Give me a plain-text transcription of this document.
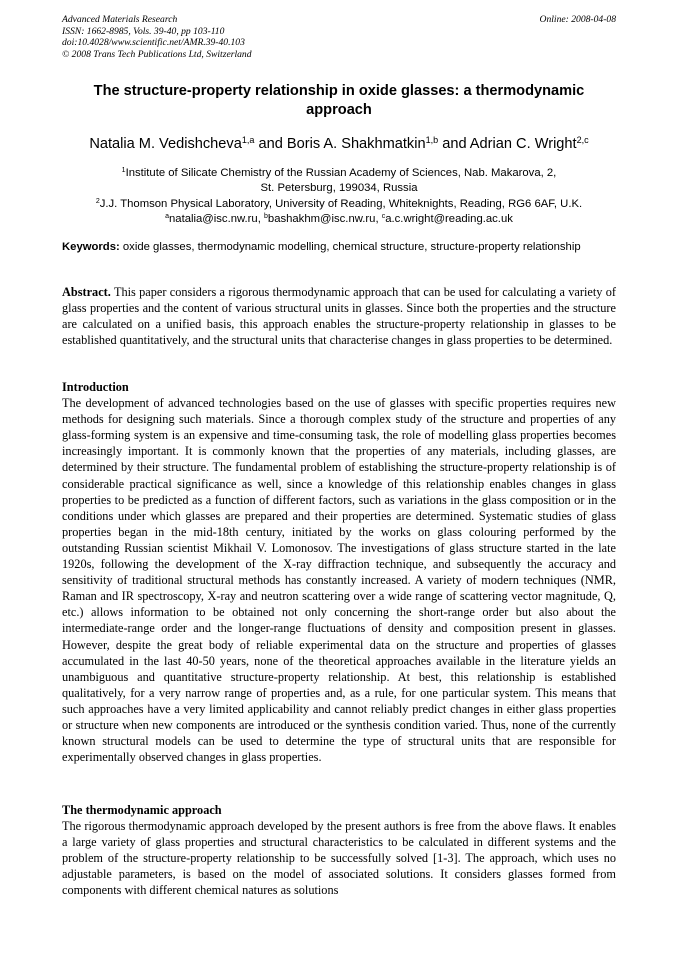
Advanced Materials Research
ISSN: 1662-8985, Vols. 39-40, pp 103-110
doi:10.4028/www.scientific.net/AMR.39-40.103
© 2008 Trans Tech Publications Ltd, Switzerland
Online: 2008-04-08
The structure-property relationship in oxide glasses: a thermodynamic approach
Natalia M. Vedishcheva$^{1,a}$ and Boris A. Shakhmatkin$^{1,b}$ and Adrian C. Wright$^{2,c}$
$^1$Institute of Silicate Chemistry of the Russian Academy of Sciences, Nab. Makarova, 2,
St. Petersburg, 199034, Russia
$^2$J.J. Thomson Physical Laboratory, University of Reading, Whiteknights, Reading, RG6 6AF, U.K.
$^a$natalia@isc.nw.ru, $^b$bashakhm@isc.nw.ru, $^c$a.c.wright@reading.ac.uk
Keywords: oxide glasses, thermodynamic modelling, chemical structure, structure-property relationship
Abstract. This paper considers a rigorous thermodynamic approach that can be used for calculating a variety of glass properties and the content of various structural units in glasses. Since both the properties and the structure are calculated on a unified basis, this approach enables the structure-property relationship in glasses to be established quantitatively, and the structural units that characterise changes in glass properties to be determined.
Introduction

The development of advanced technologies based on the use of glasses with specific properties requires new methods for designing such materials. Since a thorough complex study of the structure and properties of any glass-forming system is an expensive and time-consuming task, the role of modelling glass properties becomes increasingly important. It is commonly known that the properties of any materials, including glasses, are determined by their structure. The fundamental problem of establishing the structure-property relationship is of considerable practical significance as well, since a knowledge of this relationship enables changes in glass properties to be predicted as a function of different factors, such as variations in the glass composition or in the conditions under which glasses are prepared and their properties are determined. Systematic studies of glass properties began in the mid-18th century, initiated by the works on glass colouring performed by the outstanding Russian scientist Mikhail V. Lomonosov. The investigations of glass structure started in the late 1920s, following the development of the X-ray diffraction technique, and subsequently the accuracy and sensitivity of traditional structural methods has constantly increased. A variety of modern techniques (NMR, Raman and IR spectroscopy, X-ray and neutron scattering over a wide range of scattering vector magnitude, Q, etc.) allows information to be obtained not only concerning the short-range order but also about the intermediate-range order and the longer-range fluctuations of density and composition present in glasses. However, despite the great body of reliable experimental data on the structure and properties of glasses accumulated in the last 40-50 years, none of the theoretical approaches available in the literature yields an unambiguous and quantitative structure-property relationship. At best, this relationship is established qualitatively, for a very narrow range of properties and, as a rule, for one particular system. This means that such approaches have a very limited applicability and cannot reliably predict changes in either glass properties or structure when new components are introduced or the synthesis condition varied. Thus, none of the currently known structural models can be used to determine the type of structural units that are responsible for experimentally observed changes in glass properties.

The thermodynamic approach

The rigorous thermodynamic approach developed by the present authors is free from the above flaws. It enables a large variety of glass properties and structural characteristics to be calculated in different systems and the problem of the structure-property relationship to be successfully solved [1-3]. The approach, which uses no adjustable parameters, is based on the model of associated solutions. It considers glasses formed from components with different chemical natures as solutions
